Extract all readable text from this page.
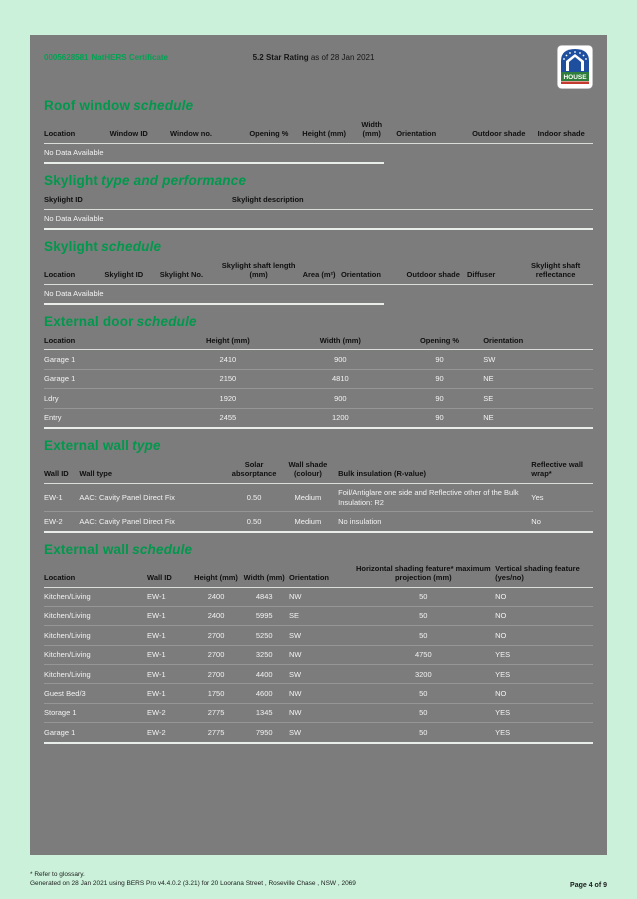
0005628581 NatHERS Certificate	5.2 Star Rating as of 28 Jan 2021
HOUSE
Roof window schedule
Location	Window ID	Window no.	Opening %	Height (mm)	Width (mm)	Orientation	Outdoor shade	Indoor shade
No Data Available
Skylight type and performance
Skylight ID	Skylight description
No Data Available
Skylight schedule
Location	Skylight ID	Skylight No.	Skylight shaft length (mm)	Area (m²)	Orientation	Outdoor shade	Diffuser	Skylight shaft reflectance
No Data Available
External door schedule
Location	Height (mm)	Width (mm)	Opening %	Orientation
Garage 1	2410	900	90	SW
Garage 1	2150	4810	90	NE
Ldry	1920	900	90	SE
Entry	2455	1200	90	NE
External wall type
Wall ID	Wall type	Solar absorptance	Wall shade (colour)	Bulk insulation (R-value)	Reflective wall wrap*
EW-1	AAC: Cavity Panel Direct Fix	0.50	Medium	Foil/Antiglare one side and Reflective other of the Bulk Insulation: R2	Yes
EW-2	AAC: Cavity Panel Direct Fix	0.50	Medium	No insulation	No
External wall schedule
Location	Wall ID	Height (mm)	Width (mm)	Orientation	Horizontal shading feature* maximum projection (mm)	Vertical shading feature (yes/no)
Kitchen/Living	EW-1	2400	4843	NW	50	NO
Kitchen/Living	EW-1	2400	5995	SE	50	NO
Kitchen/Living	EW-1	2700	5250	SW	50	NO
Kitchen/Living	EW-1	2700	3250	NW	4750	YES
Kitchen/Living	EW-1	2700	4400	SW	3200	YES
Guest Bed/3	EW-1	1750	4600	NW	50	NO
Storage 1	EW-2	2775	1345	NW	50	YES
Garage 1	EW-2	2775	7950	SW	50	YES
* Refer to glossary.
Generated on 28 Jan 2021 using BERS Pro v4.4.0.2 (3.21) for 20 Loorana Street , Roseville Chase , NSW , 2069	Page 4 of 9
